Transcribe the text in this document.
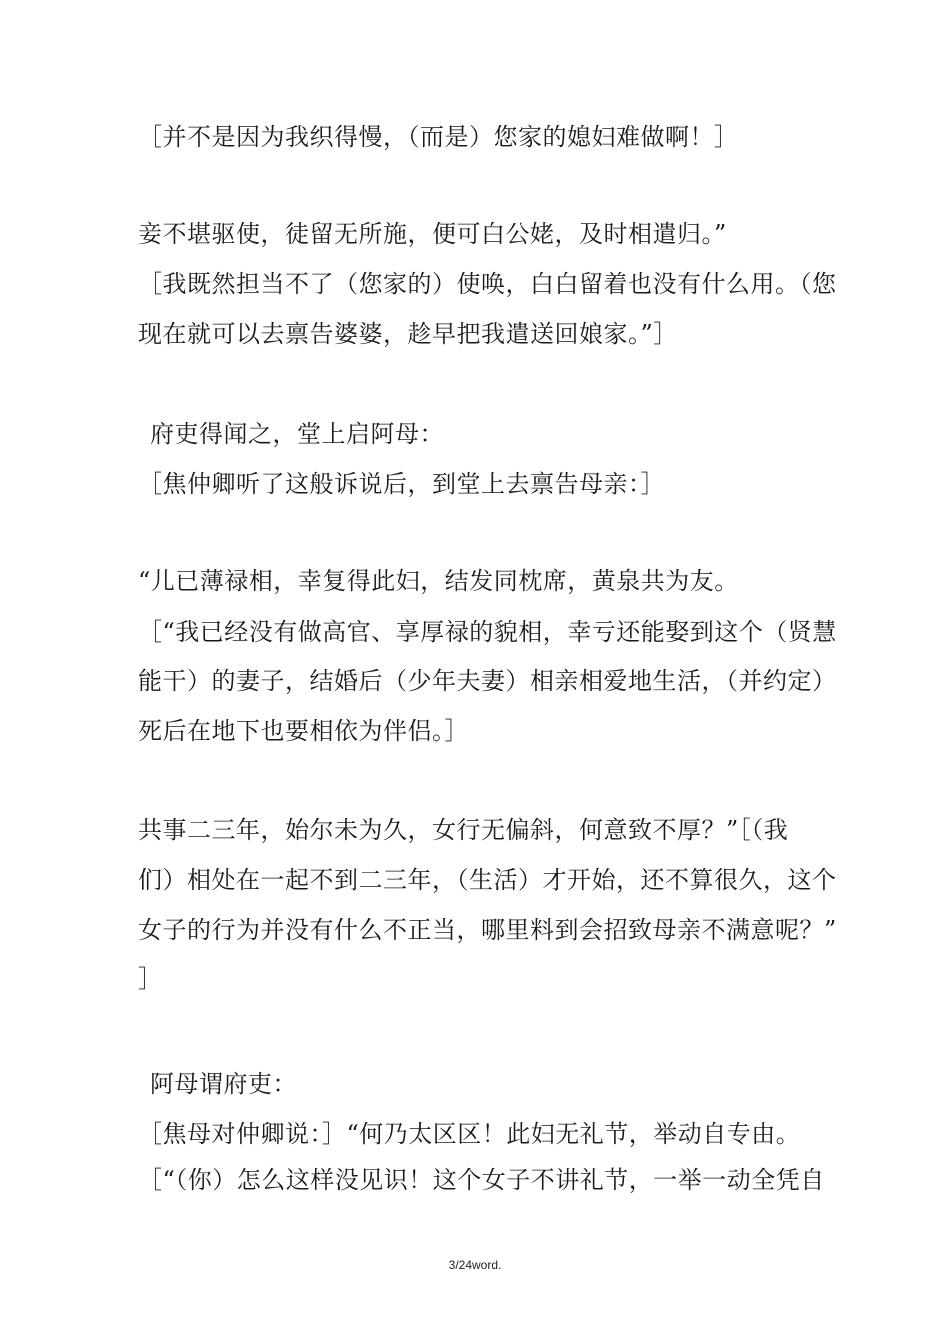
［并不是因为我织得慢，（而是）您家的媳妇难做啊！］
妾不堪驱使，徒留无所施，便可白公姥，及时相遣归。”
［我既然担当不了（您家的）使唤，白白留着也没有什么用。（您
现在就可以去禀告婆婆，趁早把我遣送回娘家。”］
府吏得闻之，堂上启阿母：
［焦仲卿听了这般诉说后，到堂上去禀告母亲：］
“儿已薄禄相，幸复得此妇，结发同枕席，黄泉共为友。
［“我已经没有做高官、享厚禄的貌相，幸亏还能娶到这个（贤慧
能干）的妻子，结婚后（少年夫妻）相亲相爱地生活，（并约定）
死后在地下也要相依为伴侣。］
共事二三年，始尔未为久，女行无偏斜，何意致不厚？”［（我
们）相处在一起不到二三年，（生活）才开始，还不算很久，这个
女子的行为并没有什么不正当，哪里料到会招致母亲不满意呢？”
］
阿母谓府吏：
［焦母对仲卿说：］“何乃太区区！此妇无礼节，举动自专由。
［“（你）怎么这样没见识！这个女子不讲礼节，一举一动全凭自
3/24word.
